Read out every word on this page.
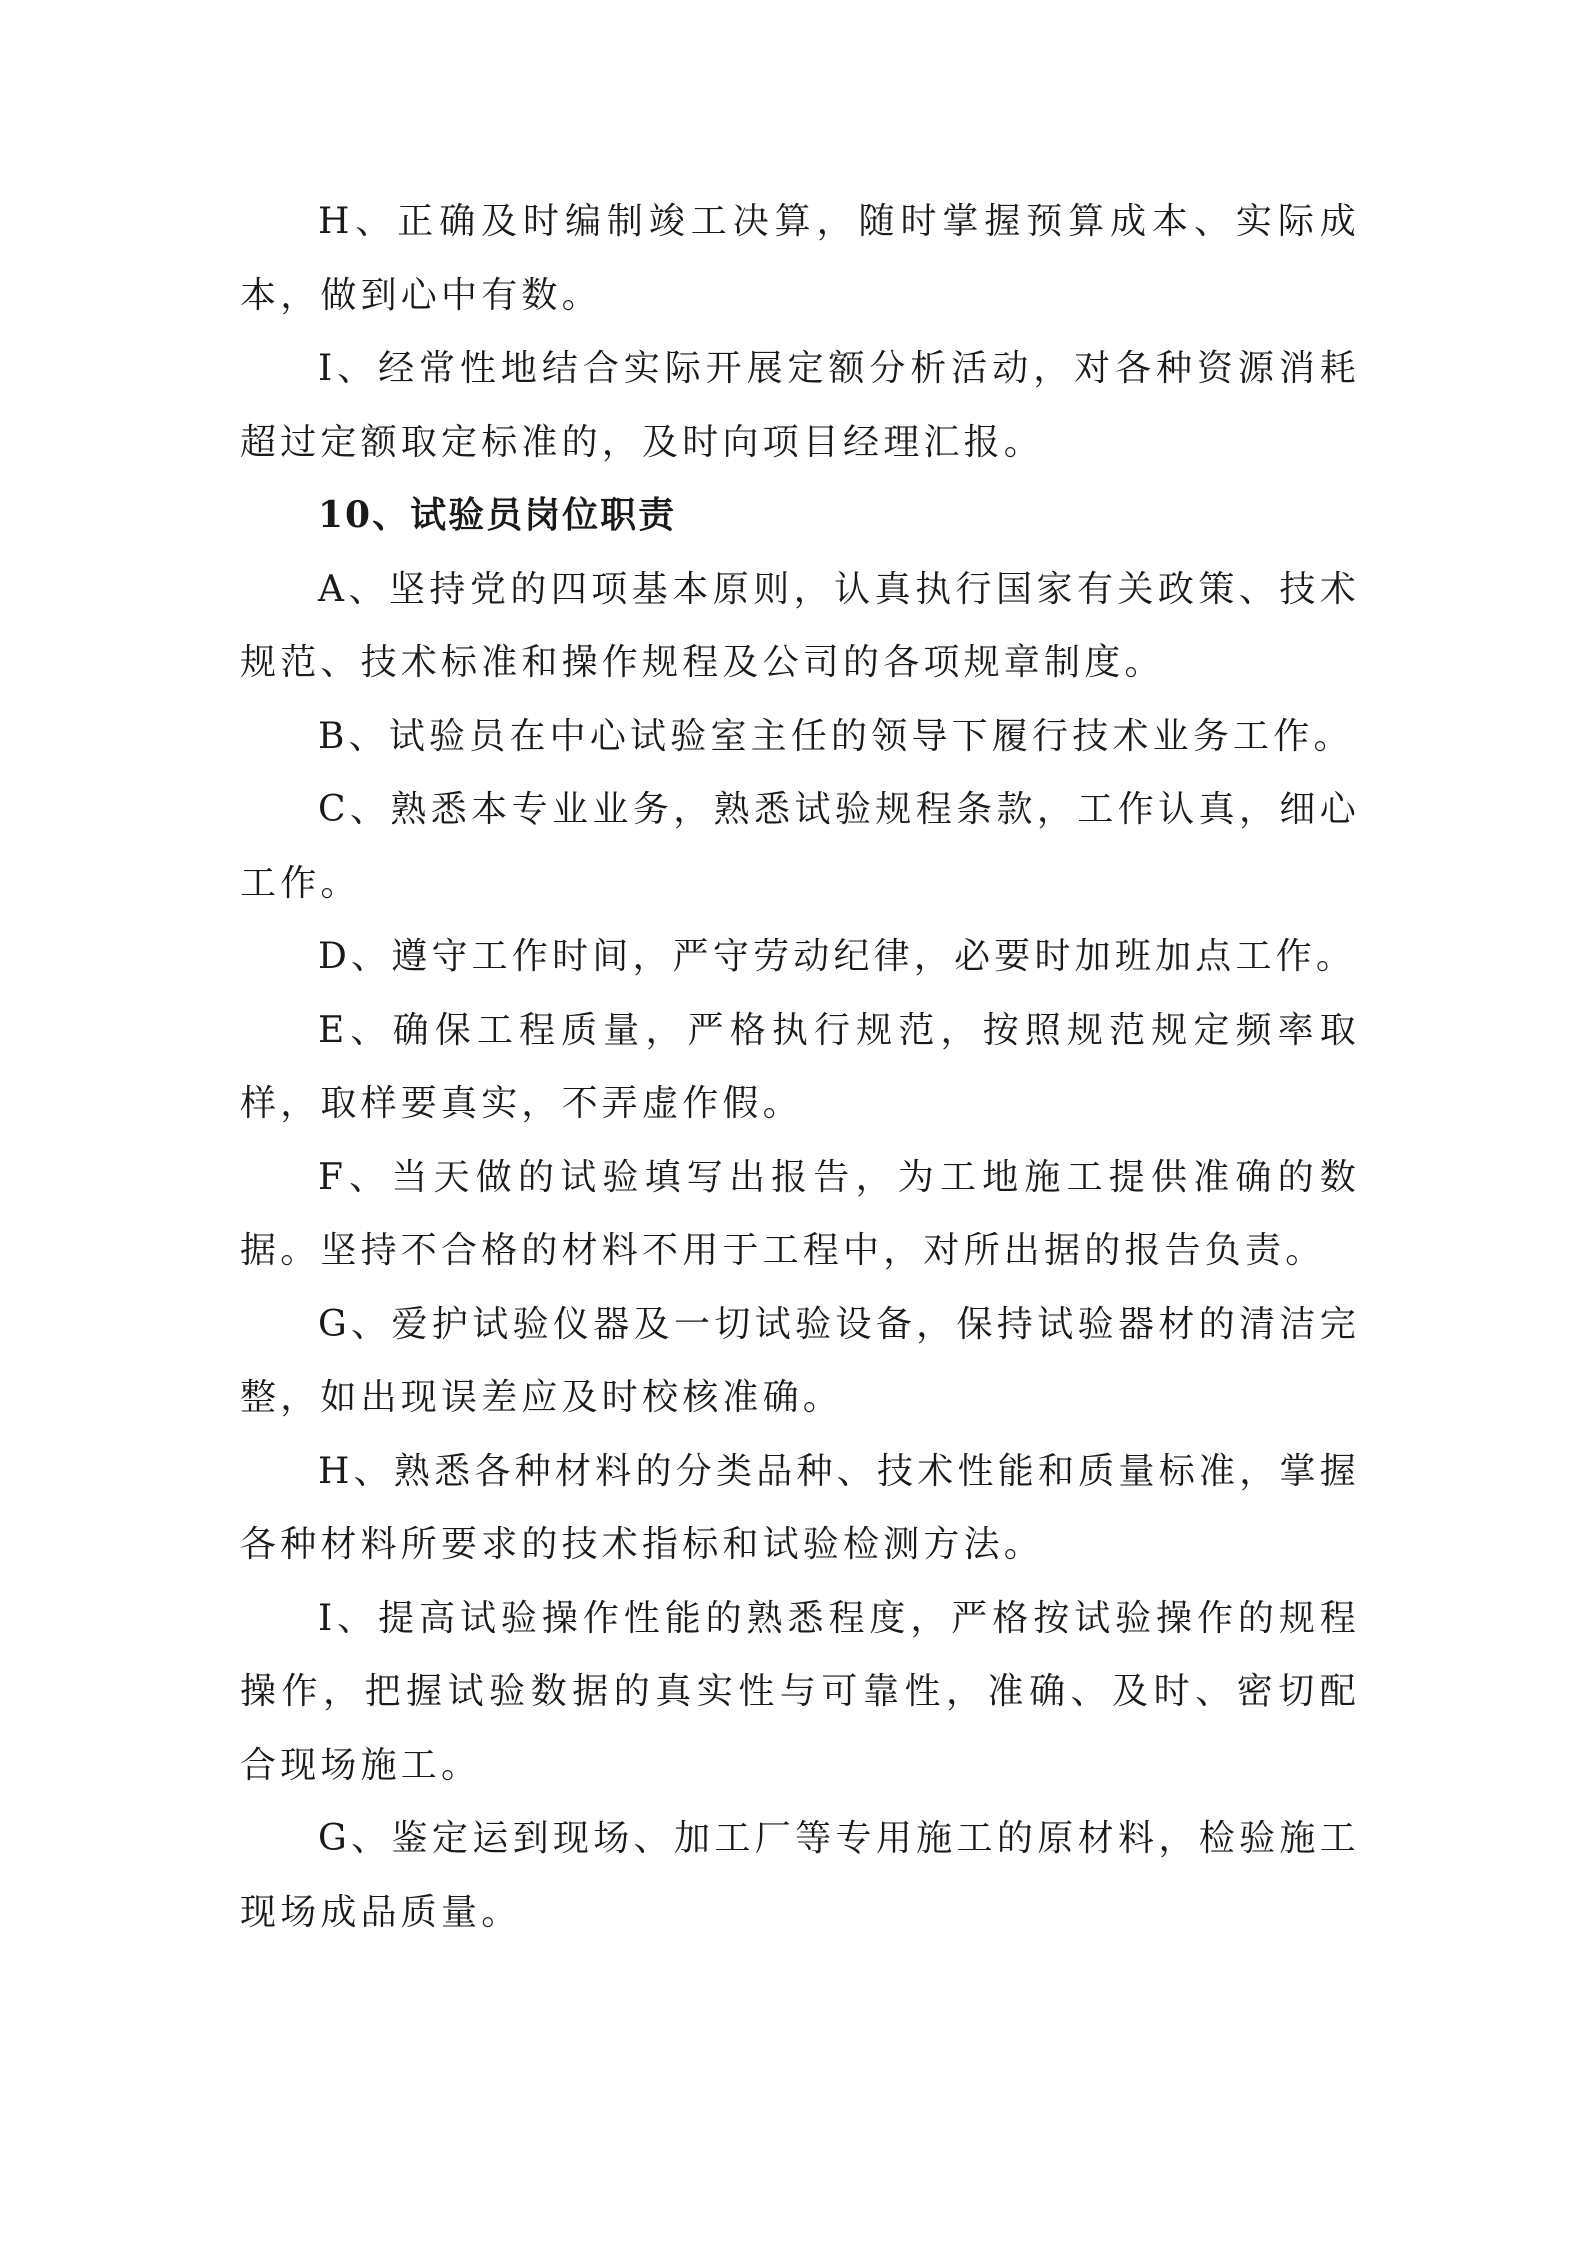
H、正确及时编制竣工决算，随时掌握预算成本、实际成本，做到心中有数。

I、经常性地结合实际开展定额分析活动，对各种资源消耗超过定额取定标准的，及时向项目经理汇报。

10、试验员岗位职责

A、坚持党的四项基本原则，认真执行国家有关政策、技术规范、技术标准和操作规程及公司的各项规章制度。

B、试验员在中心试验室主任的领导下履行技术业务工作。

C、熟悉本专业业务，熟悉试验规程条款，工作认真，细心工作。

D、遵守工作时间，严守劳动纪律，必要时加班加点工作。

E、确保工程质量，严格执行规范，按照规范规定频率取样，取样要真实，不弄虚作假。

F、当天做的试验填写出报告，为工地施工提供准确的数据。坚持不合格的材料不用于工程中，对所出据的报告负责。

G、爱护试验仪器及一切试验设备，保持试验器材的清洁完整，如出现误差应及时校核准确。

H、熟悉各种材料的分类品种、技术性能和质量标准，掌握各种材料所要求的技术指标和试验检测方法。

I、提高试验操作性能的熟悉程度，严格按试验操作的规程操作，把握试验数据的真实性与可靠性，准确、及时、密切配合现场施工。

G、鉴定运到现场、加工厂等专用施工的原材料，检验施工现场成品质量。
